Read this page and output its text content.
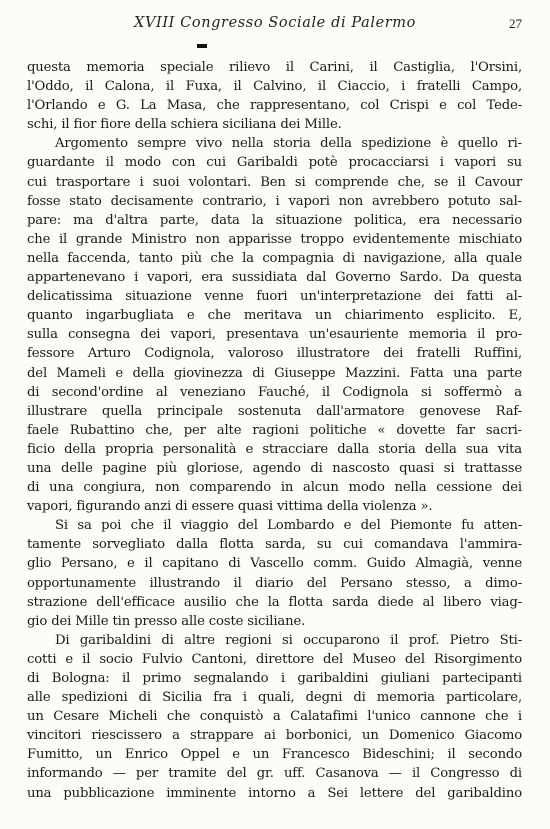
XVIII Congresso Sociale di Palermo	27
questa memoria speciale rilievo il Carini, il Castiglia, l'Orsini,
l'Oddo, il Calona, il Fuxa, il Calvino, il Ciaccio, i fratelli Campo,
l'Orlando e G. La Masa, che rappresentano, col Crispi e col Tede-
schi, il fior fiore della schiera siciliana dei Mille.
Argomento sempre vivo nella storia della spedizione è quello ri-
guardante il modo con cui Garibaldi potè procacciarsi i vapori su
cui trasportare i suoi volontari. Ben si comprende che, se il Cavour
fosse stato decisamente contrario, i vapori non avrebbero potuto sal-
pare: ma d'altra parte, data la situazione politica, era necessario
che il grande Ministro non apparisse troppo evidentemente mischiato
nella faccenda, tanto più che la compagnia di navigazione, alla quale
appartenevano i vapori, era sussidiata dal Governo Sardo. Da questa
delicatissima situazione venne fuori un'interpretazione dei fatti al-
quanto ingarbugliata e che meritava un chiarimento esplicito. E,
sulla consegna dei vapori, presentava un'esauriente memoria il pro-
fessore Arturo Codignola, valoroso illustratore dei fratelli Ruffini,
del Mameli e della giovinezza di Giuseppe Mazzini. Fatta una parte
di second'ordine al veneziano Fauché, il Codignola si soffermò a
illustrare quella principale sostenuta dall'armatore genovese Raf-
faele Rubattino che, per alte ragioni politiche « dovette far sacri-
ficio della propria personalità e stracciare dalla storia della sua vita
una delle pagine più gloriose, agendo di nascosto quasi si trattasse
di una congiura, non comparendo in alcun modo nella cessione dei
vapori, figurando anzi di essere quasi vittima della violenza ».
Si sa poi che il viaggio del Lombardo e del Piemonte fu atten-
tamente sorvegliato dalla flotta sarda, su cui comandava l'ammira-
glio Persano, e il capitano di Vascello comm. Guido Almagià, venne
opportunamente illustrando il diario del Persano stesso, a dimo-
strazione dell'efficace ausilio che la flotta sarda diede al libero viag-
gio dei Mille tin presso alle coste siciliane.
Di garibaldini di altre regioni si occuparono il prof. Pietro Sti-
cotti e il socio Fulvio Cantoni, direttore del Museo del Risorgimento
di Bologna: il primo segnalando i garibaldini giuliani partecipanti
alle spedizioni di Sicilia fra i quali, degni di memoria particolare,
un Cesare Micheli che conquistò a Calatafimi l'unico cannone che i
vincitori riescissero a strappare ai borbonici, un Domenico Giacomo
Fumitto, un Enrico Oppel e un Francesco Bideschini; il secondo
informando — per tramite del gr. uff. Casanova — il Congresso di
una pubblicazione imminente intorno a Sei lettere del garibaldino
